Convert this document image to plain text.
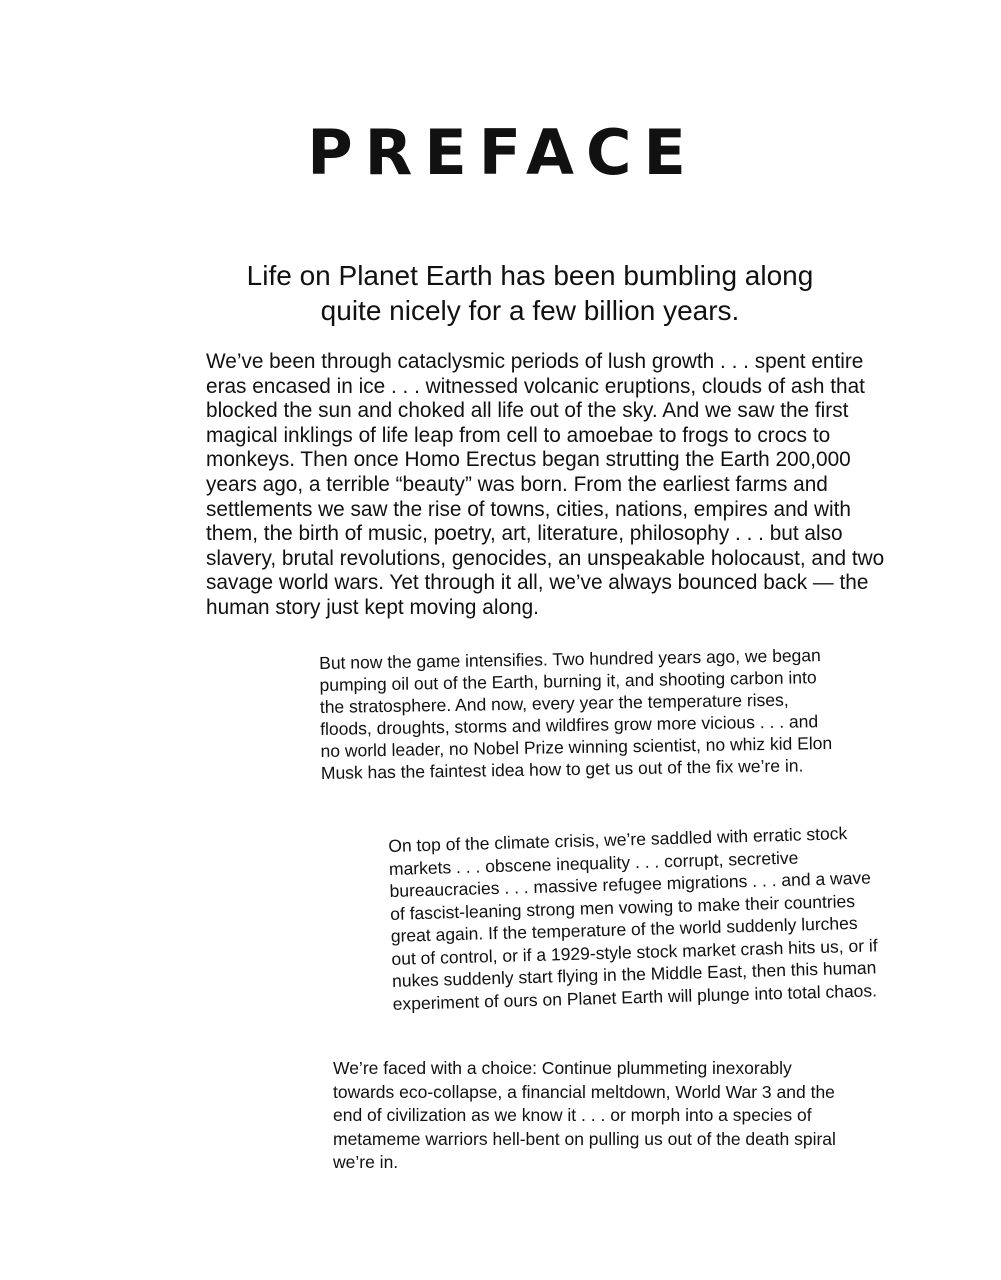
PREFACE
Life on Planet Earth has been bumbling along quite nicely for a few billion years.

We’ve been through cataclysmic periods of lush growth . . . spent entire eras encased in ice . . . witnessed volcanic eruptions, clouds of ash that blocked the sun and choked all life out of the sky. And we saw the first magical inklings of life leap from cell to amoebae to frogs to crocs to monkeys. Then once Homo Erectus began strutting the Earth 200,000 years ago, a terrible “beauty” was born. From the earliest farms and settlements we saw the rise of towns, cities, nations, empires and with them, the birth of music, poetry, art, literature, philosophy . . . but also slavery, brutal revolutions, genocides, an unspeakable holocaust, and two savage world wars. Yet through it all, we’ve always bounced back — the human story just kept moving along.

But now the game intensifies. Two hundred years ago, we began pumping oil out of the Earth, burning it, and shooting carbon into the stratosphere. And now, every year the temperature rises, floods, droughts, storms and wildfires grow more vicious . . . and no world leader, no Nobel Prize winning scientist, no whiz kid Elon Musk has the faintest idea how to get us out of the fix we’re in.

On top of the climate crisis, we’re saddled with erratic stock markets . . . obscene inequality . . . corrupt, secretive bureaucracies . . . massive refugee migrations . . . and a wave of fascist-leaning strong men vowing to make their countries great again. If the temperature of the world suddenly lurches out of control, or if a 1929-style stock market crash hits us, or if nukes suddenly start flying in the Middle East, then this human experiment of ours on Planet Earth will plunge into total chaos.

We’re faced with a choice: Continue plummeting inexorably towards eco-collapse, a financial meltdown, World War 3 and the end of civilization as we know it . . . or morph into a species of metameme warriors hell-bent on pulling us out of the death spiral we’re in.
